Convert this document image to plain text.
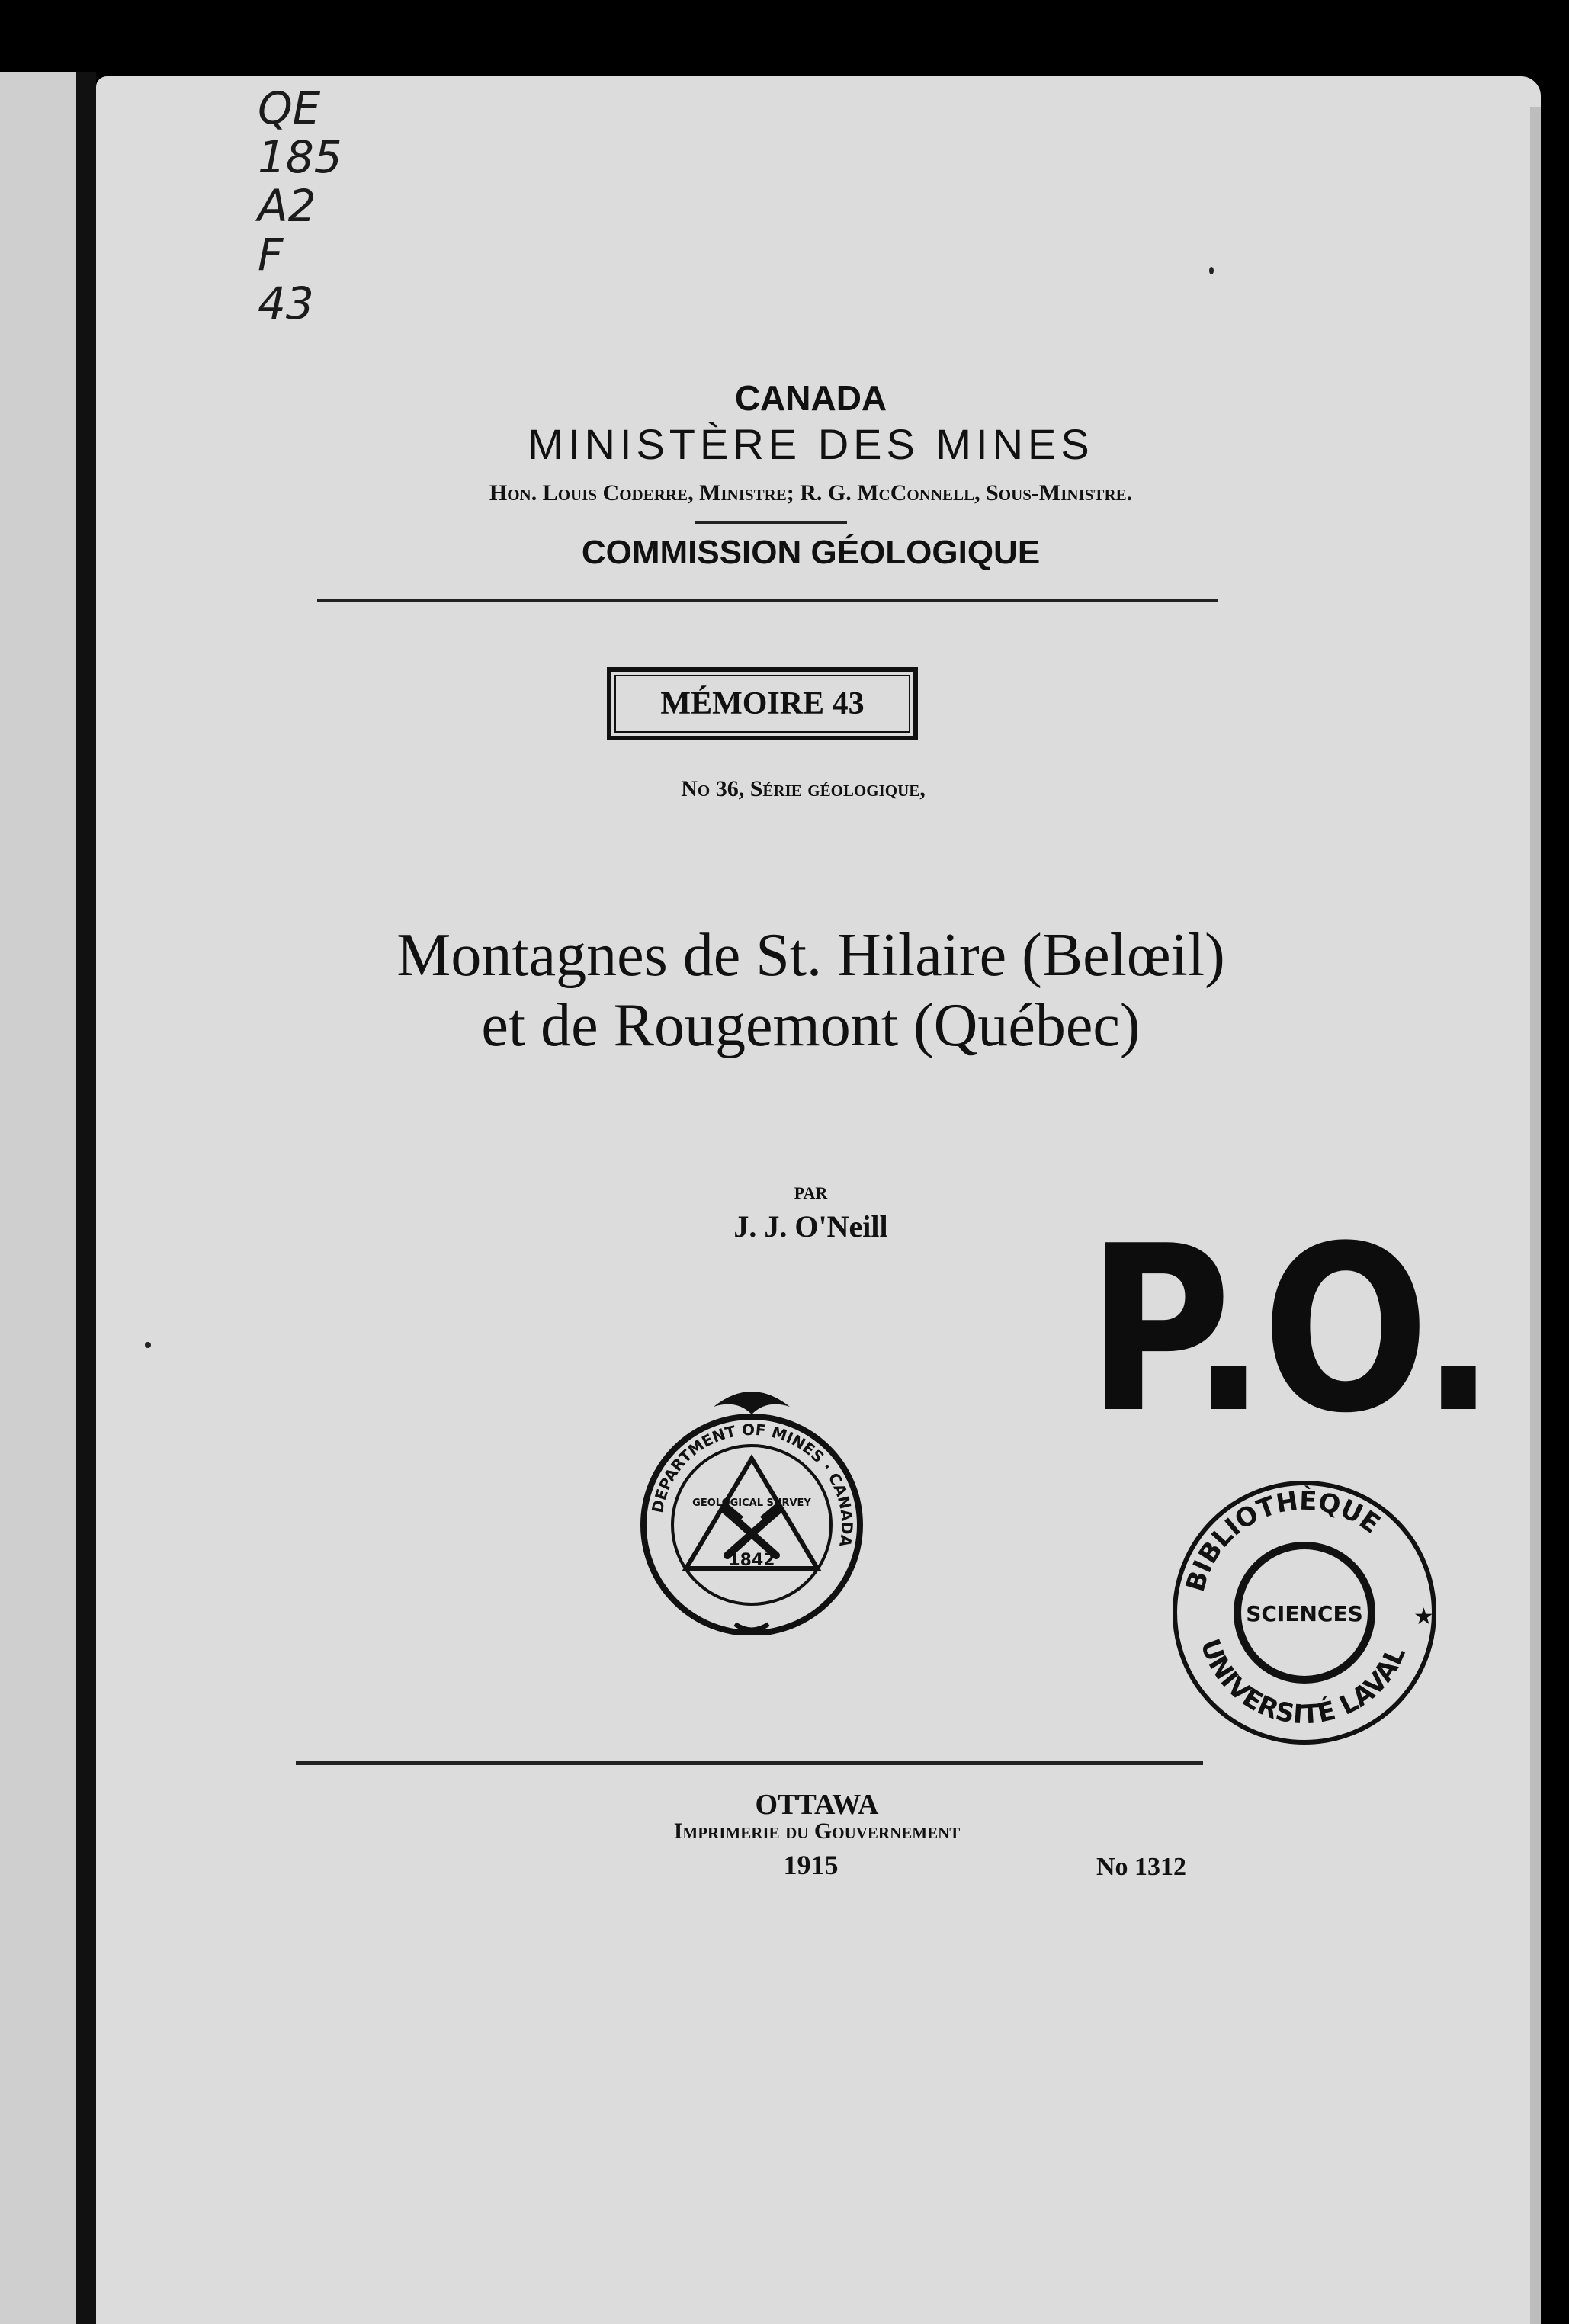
QE
185
A2
F
43
CANADA
MINISTÈRE DES MINES
Hon. Louis Coderre, Ministre; R. G. McConnell, Sous-Ministre.
COMMISSION GÉOLOGIQUE
MÉMOIRE 43
No 36, Série géologique,
Montagnes de St. Hilaire (Belœil)
et de Rougemont (Québec)
PAR
J. J. O'Neill P.O.
DEPARTMENT OF MINES · CANADA
GEOLOGICAL SURVEY
1842
BIBLIOTHÈQUE
UNIVERSITÉ LAVAL
SCIENCES ★
OTTAWA
Imprimerie du Gouvernement
1915	No 1312
